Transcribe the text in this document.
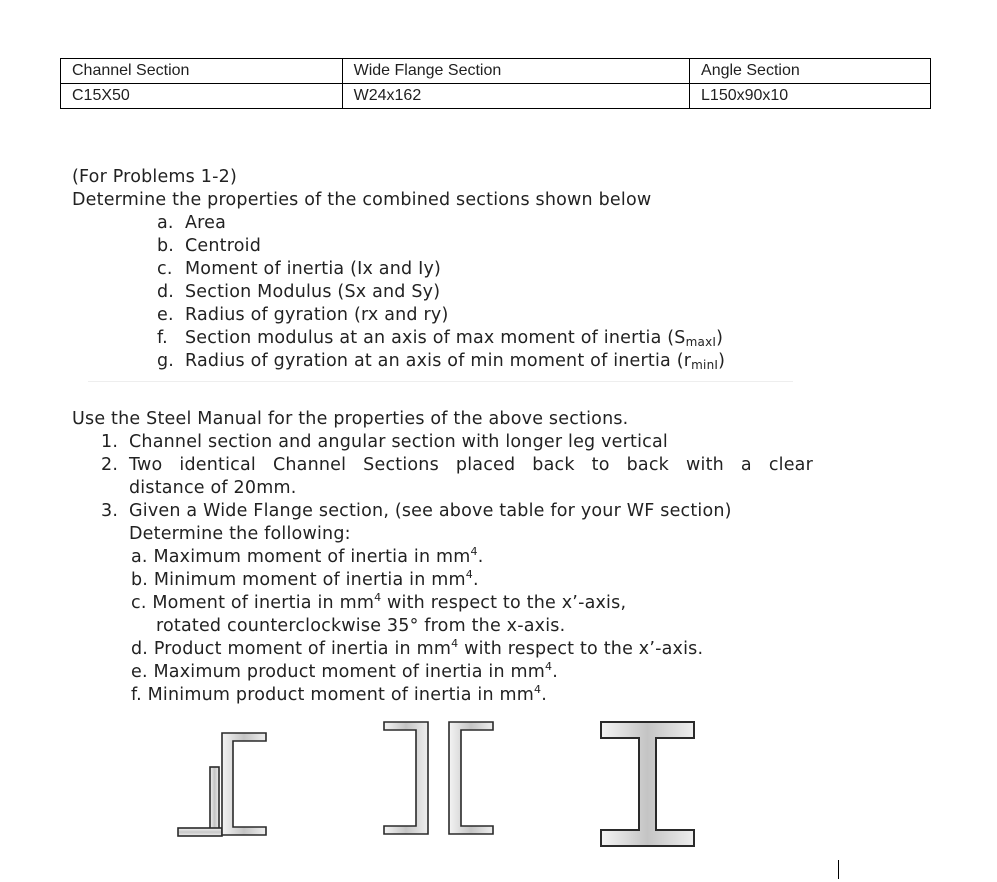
Channel Section	Wide Flange Section	Angle Section
C15X50	W24x162	L150x90x10
(For Problems 1-2)
Determine the properties of the combined sections shown below
a. Area
b. Centroid
c. Moment of inertia (Ix and Iy)
d. Section Modulus (Sx and Sy)
e. Radius of gyration (rx and ry)
f. Section modulus at an axis of max moment of inertia $(S_{maxI})$
g. Radius of gyration at an axis of min moment of inertia $(r_{minI})$
Use the Steel Manual for the properties of the above sections.
1. Channel section and angular section with longer leg vertical
2. Two identical Channel Sections placed back to back with a clear
distance of 20mm.
3. Given a Wide Flange section, (see above table for your WF section)
Determine the following:
a. Maximum moment of inertia in $mm^4$.
b. Minimum moment of inertia in $mm^4$.
c. Moment of inertia in $mm^4$ with respect to the x’-axis,
rotated counterclockwise 35° from the x-axis.
d. Product moment of inertia in $mm^4$ with respect to the x’-axis.
e. Maximum product moment of inertia in $mm^4$.
f. Minimum product moment of inertia in $mm^4$.
